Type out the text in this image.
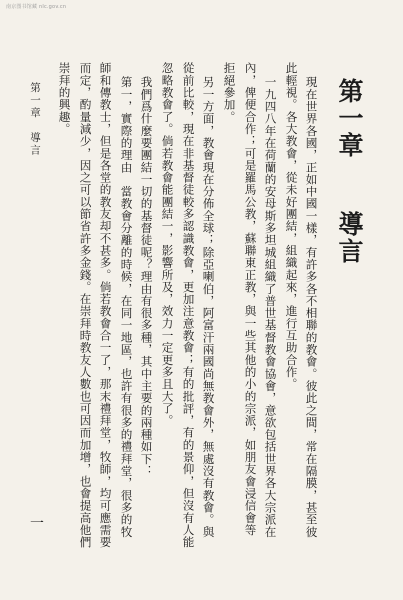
南京图书馆藏 nlc.gov.cn
第一章導言
現在世界各國，正如中國一樣，有許多各不相聯的教會。彼此之間，常在隔膜，甚至彼
此輕視。各大教會，從未好團結，組織起來，進行互助合作。
一九四八年在荷蘭的安母斯多坦城組織了普世基督教會協會，意欲包括世界各大宗派在
內，俾便合作；可是羅馬公教，蘇聯東正教，與一些其他的小的宗派，如朋友會浸信會等
拒絕參加。
另一方面，教會現在分佈全球；除亞喇伯，阿富汗兩國尚無教會外，無處沒有教會。與
從前比較，現在非基督徒較多認識教會，更加注意教會；有的批評，有的景仰，但沒有人能
忽略教會了。倘若教會能團結一，影響所及，效力一定更多且大了。
我們爲什麼要團結一切的基督徒呢？理由有很多種，其中主要的兩種如下：
第一，實際的理由　當教會分離的時候，在同一地區，也許有很多的禮拜堂，很多的牧
師和傳教士，但是各堂的教友却不甚多。倘若教會合一了，那末禮拜堂，牧師，均可應需要
而定，酌量減少，因之可以節省許多金錢。在崇拜時教友人數也可因而加增，也會提高他們
崇拜的興趣。
第一章　導言
一
